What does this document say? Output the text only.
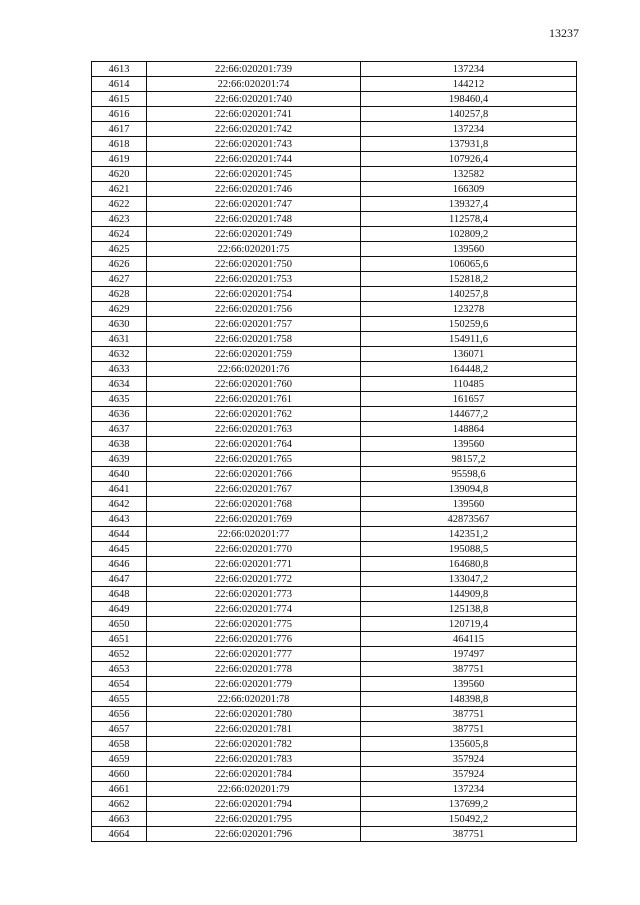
13237
4613	22:66:020201:739	137234
4614	22:66:020201:74	144212
4615	22:66:020201:740	198460,4
4616	22:66:020201:741	140257,8
4617	22:66:020201:742	137234
4618	22:66:020201:743	137931,8
4619	22:66:020201:744	107926,4
4620	22:66:020201:745	132582
4621	22:66:020201:746	166309
4622	22:66:020201:747	139327,4
4623	22:66:020201:748	112578,4
4624	22:66:020201:749	102809,2
4625	22:66:020201:75	139560
4626	22:66:020201:750	106065,6
4627	22:66:020201:753	152818,2
4628	22:66:020201:754	140257,8
4629	22:66:020201:756	123278
4630	22:66:020201:757	150259,6
4631	22:66:020201:758	154911,6
4632	22:66:020201:759	136071
4633	22:66:020201:76	164448,2
4634	22:66:020201:760	110485
4635	22:66:020201:761	161657
4636	22:66:020201:762	144677,2
4637	22:66:020201:763	148864
4638	22:66:020201:764	139560
4639	22:66:020201:765	98157,2
4640	22:66:020201:766	95598,6
4641	22:66:020201:767	139094,8
4642	22:66:020201:768	139560
4643	22:66:020201:769	42873567
4644	22:66:020201:77	142351,2
4645	22:66:020201:770	195088,5
4646	22:66:020201:771	164680,8
4647	22:66:020201:772	133047,2
4648	22:66:020201:773	144909,8
4649	22:66:020201:774	125138,8
4650	22:66:020201:775	120719,4
4651	22:66:020201:776	464115
4652	22:66:020201:777	197497
4653	22:66:020201:778	387751
4654	22:66:020201:779	139560
4655	22:66:020201:78	148398,8
4656	22:66:020201:780	387751
4657	22:66:020201:781	387751
4658	22:66:020201:782	135605,8
4659	22:66:020201:783	357924
4660	22:66:020201:784	357924
4661	22:66:020201:79	137234
4662	22:66:020201:794	137699,2
4663	22:66:020201:795	150492,2
4664	22:66:020201:796	387751
